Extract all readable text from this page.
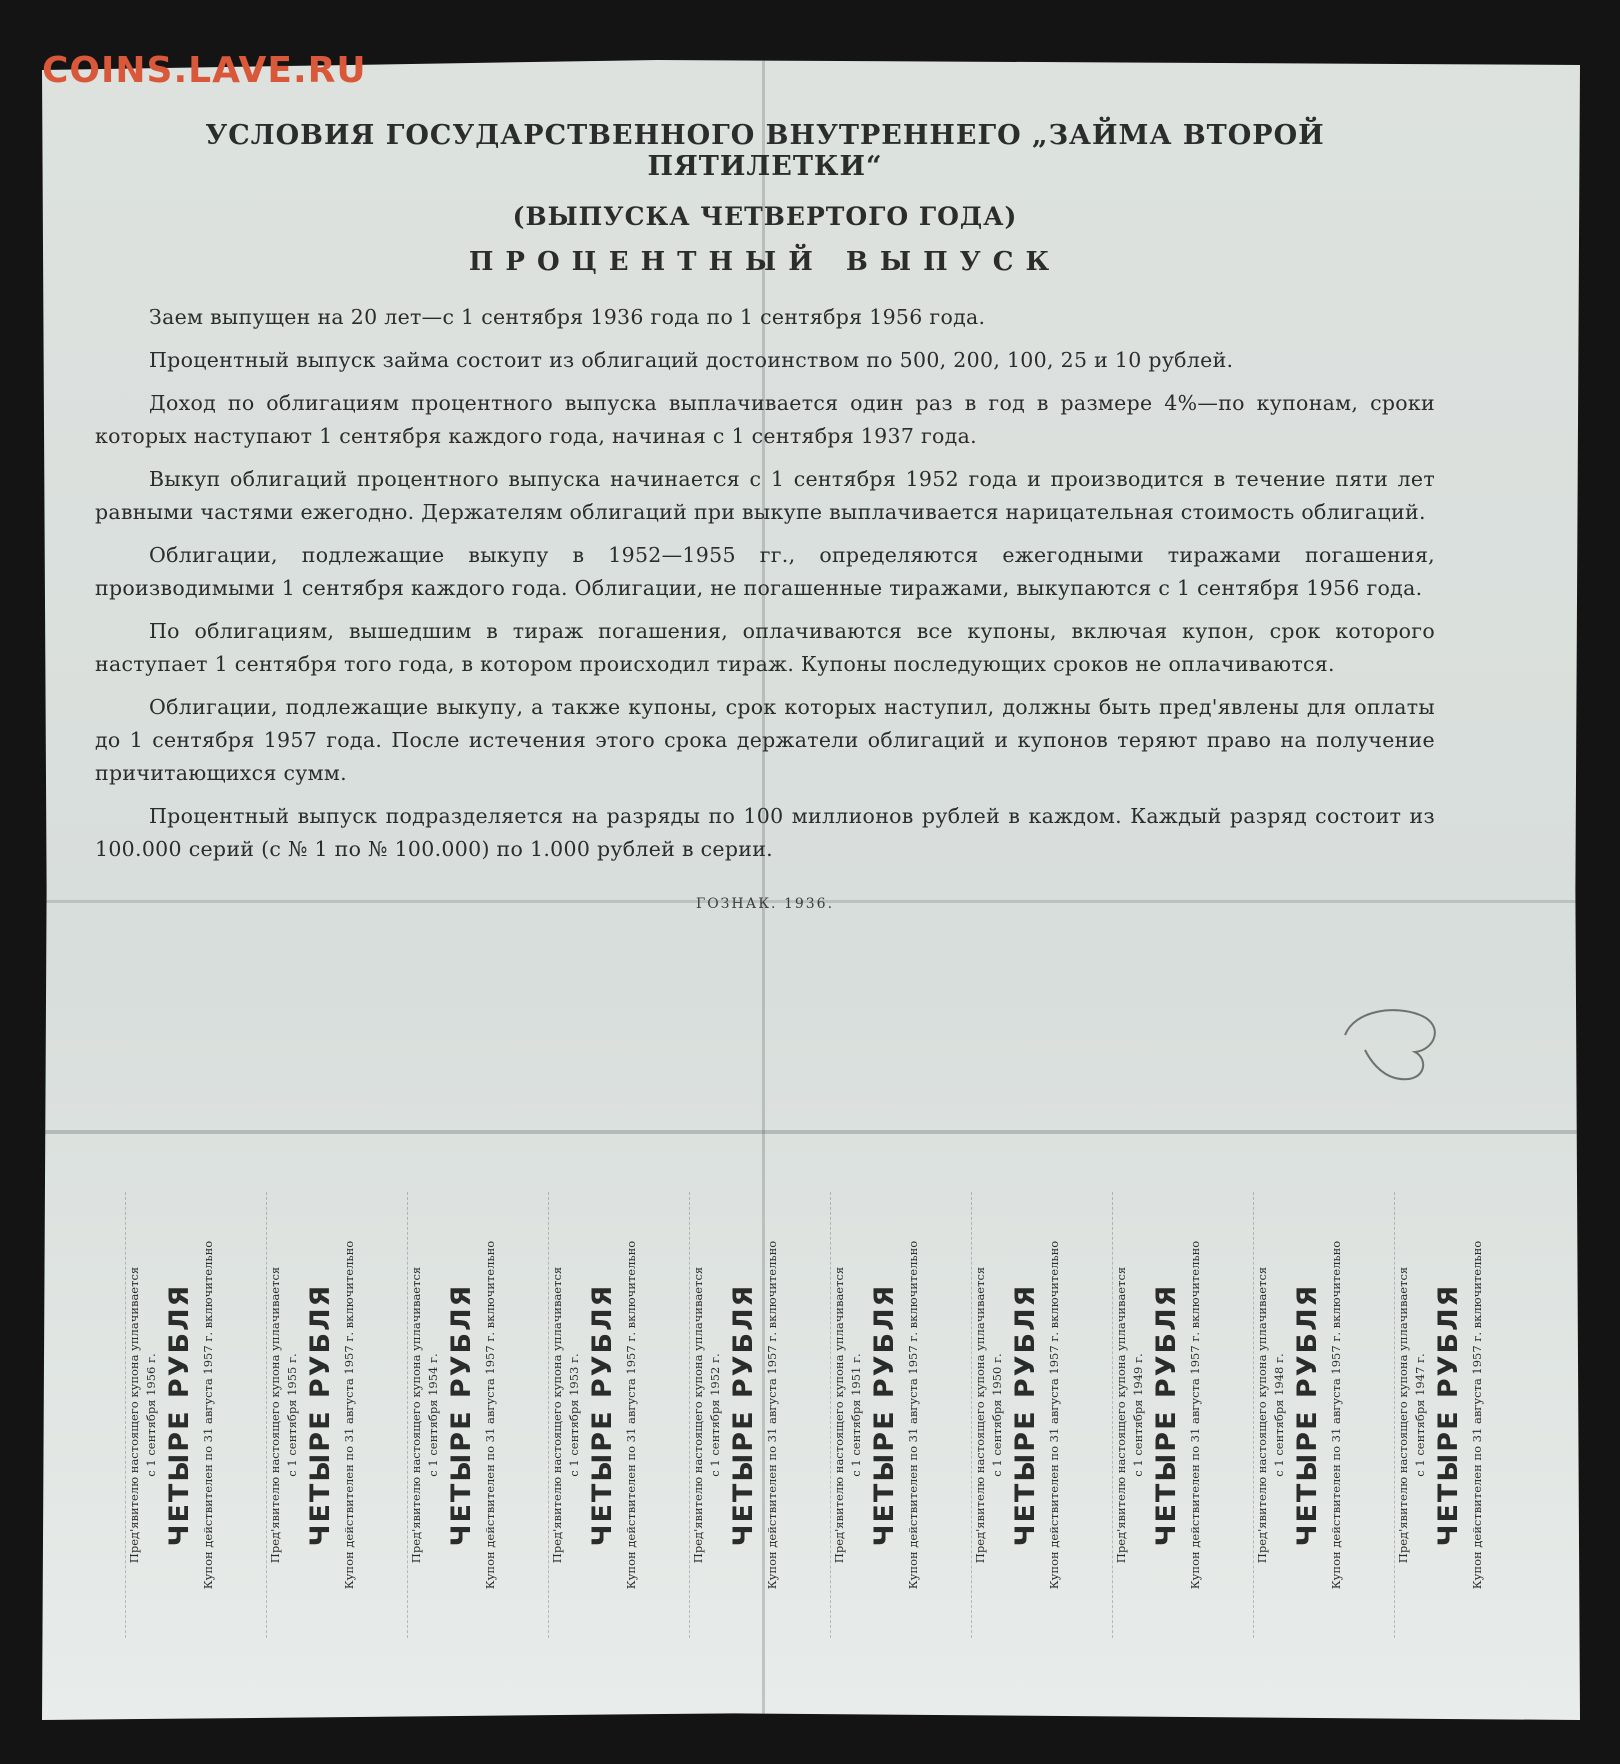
COINS.LAVE.RU

УСЛОВИЯ ГОСУДАРСТВЕННОГО ВНУТРЕННЕГО „ЗАЙМА ВТОРОЙ ПЯТИЛЕТКИ“

(ВЫПУСКА ЧЕТВЕРТОГО ГОДА)

ПРОЦЕНТНЫЙ ВЫПУСК

Заем выпущен на 20 лет—с 1 сентября 1936 года по 1 сентября 1956 года.

Процентный выпуск займа состоит из облигаций достоинством по 500, 200, 100, 25 и 10 рублей.

Доход по облигациям процентного выпуска выплачивается один раз в год в размере 4%—по купонам, сроки которых наступают 1 сентября каждого года, начиная с 1 сентября 1937 года.

Выкуп облигаций процентного выпуска начинается с 1 сентября 1952 года и производится в течение пяти лет равными частями ежегодно. Держателям облигаций при выкупе выплачивается нарицательная стоимость облигаций.

Облигации, подлежащие выкупу в 1952—1955 гг., определяются ежегодными тиражами погашения, производимыми 1 сентября каждого года. Облигации, не погашенные тиражами, выкупаются с 1 сентября 1956 года.

По облигациям, вышедшим в тираж погашения, оплачиваются все купоны, включая купон, срок которого наступает 1 сентября того года, в котором происходил тираж. Купоны последующих сроков не оплачиваются.

Облигации, подлежащие выкупу, а также купоны, срок которых наступил, должны быть пред'явлены для оплаты до 1 сентября 1957 года. После истечения этого срока держатели облигаций и купонов теряют право на получение причитающихся сумм.

Процентный выпуск подразделяется на разряды по 100 миллионов рублей в каждом. Каждый разряд состоит из 100.000 серий (с № 1 по № 100.000) по 1.000 рублей в серии.

ГОЗНАК. 1936.

Пред'явителю настоящего купона уплачивается с 1 сентября 1956 г. ЧЕТЫРЕ РУБЛЯ Купон действителен по 31 августа 1957 г. включительно	Пред'явителю настоящего купона уплачивается с 1 сентября 1955 г. ЧЕТЫРЕ РУБЛЯ Купон действителен по 31 августа 1957 г. включительно	Пред'явителю настоящего купона уплачивается с 1 сентября 1954 г. ЧЕТЫРЕ РУБЛЯ Купон действителен по 31 августа 1957 г. включительно	Пред'явителю настоящего купона уплачивается с 1 сентября 1953 г. ЧЕТЫРЕ РУБЛЯ Купон действителен по 31 августа 1957 г. включительно	Пред'явителю настоящего купона уплачивается с 1 сентября 1952 г. ЧЕТЫРЕ РУБЛЯ Купон действителен по 31 августа 1957 г. включительно	Пред'явителю настоящего купона уплачивается с 1 сентября 1951 г. ЧЕТЫРЕ РУБЛЯ Купон действителен по 31 августа 1957 г. включительно	Пред'явителю настоящего купона уплачивается с 1 сентября 1950 г. ЧЕТЫРЕ РУБЛЯ Купон действителен по 31 августа 1957 г. включительно	Пред'явителю настоящего купона уплачивается с 1 сентября 1949 г. ЧЕТЫРЕ РУБЛЯ Купон действителен по 31 августа 1957 г. включительно	Пред'явителю настоящего купона уплачивается с 1 сентября 1948 г. ЧЕТЫРЕ РУБЛЯ Купон действителен по 31 августа 1957 г. включительно	Пред'явителю настоящего купона уплачивается с 1 сентября 1947 г. ЧЕТЫРЕ РУБЛЯ Купон действителен по 31 августа 1957 г. включительно
